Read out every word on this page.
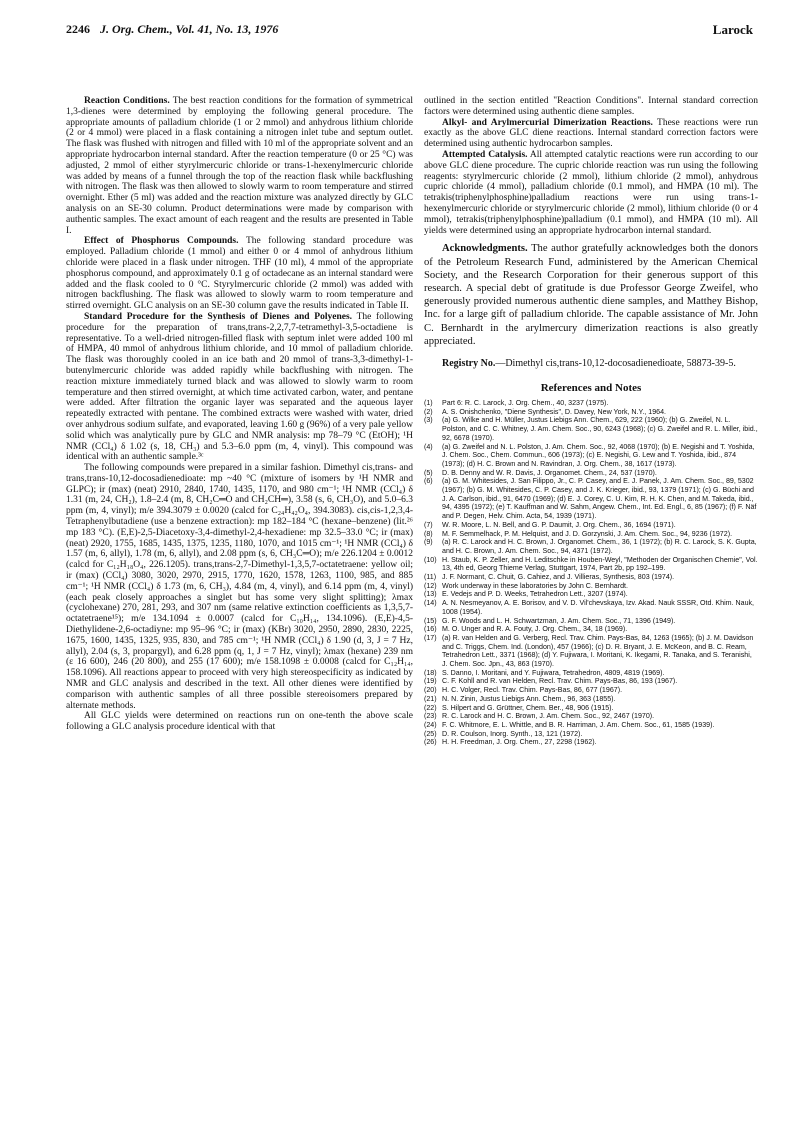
2246 J. Org. Chem., Vol. 41, No. 13, 1976	Larock

Reaction Conditions. The best reaction conditions for the formation of symmetrical 1,3-dienes were determined by employing the following general procedure. The appropriate amounts of palladium chloride (1 or 2 mmol) and anhydrous lithium chloride (2 or 4 mmol) were placed in a flask containing a nitrogen inlet tube and septum outlet. The flask was flushed with nitrogen and filled with 10 ml of the appropriate solvent and an appropriate hydrocarbon internal standard. After the reaction temperature (0 or 25 °C) was adjusted, 2 mmol of either styrylmercuric chloride or trans-1-hexenylmercuric chloride was added by means of a funnel through the top of the reaction flask while backflushing with nitrogen. The flask was then allowed to slowly warm to room temperature and stirred overnight. Ether (5 ml) was added and the reaction mixture was analyzed directly by GLC analysis on an SE-30 column. Product determinations were made by comparison with authentic samples. The exact amount of each reagent and the results are presented in Table I.

Effect of Phosphorus Compounds. The following standard procedure was employed. Palladium chloride (1 mmol) and either 0 or 4 mmol of anhydrous lithium chloride were placed in a flask under nitrogen. THF (10 ml), 4 mmol of the appropriate phosphorus compound, and approximately 0.1 g of octadecane as an internal standard were added and the flask cooled to 0 °C. Styrylmercuric chloride (2 mmol) was added with nitrogen backflushing. The flask was allowed to slowly warm to room temperature and stirred overnight. GLC analysis on an SE-30 column gave the results indicated in Table II.

Standard Procedure for the Synthesis of Dienes and Polyenes. The following procedure for the preparation of trans,trans-2,2,7,7-tetramethyl-3,5-octadiene is representative. To a well-dried nitrogen-filled flask with septum inlet were added 100 ml of HMPA, 40 mmol of anhydrous lithium chloride, and 10 mmol of palladium chloride. The flask was thoroughly cooled in an ice bath and 20 mmol of trans-3,3-dimethyl-1-butenylmercuric chloride was added rapidly while backflushing with nitrogen. The reaction mixture immediately turned black and was allowed to slowly warm to room temperature and then stirred overnight, at which time activated carbon, water, and pentane were added. After filtration the organic layer was separated and the aqueous layer repeatedly extracted with pentane. The combined extracts were washed with water, dried over anhydrous sodium sulfate, and evaporated, leaving 1.60 g (96%) of a very pale yellow solid which was analytically pure by GLC and NMR analysis: mp 78–79 °C (EtOH); ¹H NMR (CCl₄) δ 1.02 (s, 18, CH₃) and 5.3–6.0 ppm (m, 4, vinyl). This compound was identical with an authentic sample.³ᶜ

The following compounds were prepared in a similar fashion. Dimethyl cis,trans- and trans,trans-10,12-docosadienedioate: mp ~40 °C (mixture of isomers by ¹H NMR and GLPC); ir (max) (neat) 2910, 2840, 1740, 1435, 1170, and 980 cm⁻¹; ¹H NMR (CCl₄) δ 1.31 (m, 24, CH₂), 1.8–2.4 (m, 8, CH₂C═O and CH₂CH═), 3.58 (s, 6, CH₃O), and 5.0–6.3 ppm (m, 4, vinyl); m/e 394.3079 ± 0.0020 (calcd for C₂₄H₄₂O₄, 394.3083). cis,cis-1,2,3,4-Tetraphenylbutadiene (use a benzene extraction): mp 182–184 °C (hexane–benzene) (lit.²⁶ mp 183 °C). (E,E)-2,5-Diacetoxy-3,4-dimethyl-2,4-hexadiene: mp 32.5–33.0 °C; ir (max) (neat) 2920, 1755, 1685, 1435, 1375, 1235, 1180, 1070, and 1015 cm⁻¹; ¹H NMR (CCl₄) δ 1.57 (m, 6, allyl), 1.78 (m, 6, allyl), and 2.08 ppm (s, 6, CH₃C═O); m/e 226.1204 ± 0.0012 (calcd for C₁₂H₁₈O₄, 226.1205). trans,trans-2,7-Dimethyl-1,3,5,7-octatetraene: yellow oil; ir (max) (CCl₄) 3080, 3020, 2970, 2915, 1770, 1620, 1578, 1263, 1100, 985, and 885 cm⁻¹; ¹H NMR (CCl₄) δ 1.73 (m, 6, CH₃), 4.84 (m, 4, vinyl), and 6.14 ppm (m, 4, vinyl) (each peak closely approaches a singlet but has some very slight splitting); λmax (cyclohexane) 270, 281, 293, and 307 nm (same relative extinction coefficients as 1,3,5,7-octatetraene¹⁵); m/e 134.1094 ± 0.0007 (calcd for C₁₀H₁₄, 134.1096). (E,E)-4,5-Diethylidene-2,6-octadiyne: mp 95–96 °C; ir (max) (KBr) 3020, 2950, 2890, 2830, 2225, 1675, 1600, 1435, 1325, 935, 830, and 785 cm⁻¹; ¹H NMR (CCl₄) δ 1.90 (d, 3, J = 7 Hz, allyl), 2.04 (s, 3, propargyl), and 6.28 ppm (q, 1, J = 7 Hz, vinyl); λmax (hexane) 239 nm (ε 16 600), 246 (20 800), and 255 (17 600); m/e 158.1098 ± 0.0008 (calcd for C₁₂H₁₄, 158.1096). All reactions appear to proceed with very high stereospecificity as indicated by NMR and GLC analysis and described in the text. All other dienes were identified by comparison with authentic samples of all three possible stereoisomers prepared by alternate methods.

All GLC yields were determined on reactions run on one-tenth the above scale following a GLC analysis procedure identical with that

outlined in the section entitled "Reaction Conditions". Internal standard correction factors were determined using authentic diene samples.

Alkyl- and Arylmercurial Dimerization Reactions. These reactions were run exactly as the above GLC diene reactions. Internal standard correction factors were determined using authentic hydrocarbon samples.

Attempted Catalysis. All attempted catalytic reactions were run according to our above GLC diene procedure. The cupric chloride reaction was run using the following reagents: styrylmercuric chloride (2 mmol), lithium chloride (2 mmol), anhydrous cupric chloride (4 mmol), palladium chloride (0.1 mmol), and HMPA (10 ml). The tetrakis(triphenylphosphine)palladium reactions were run using trans-1-hexenylmercuric chloride or styrylmercuric chloride (2 mmol), lithium chloride (0 or 4 mmol), tetrakis(triphenylphosphine)palladium (0.1 mmol), and HMPA (10 ml). All yields were determined using an appropriate hydrocarbon internal standard.

Acknowledgments. The author gratefully acknowledges both the donors of the Petroleum Research Fund, administered by the American Chemical Society, and the Research Corporation for their generous support of this research. A special debt of gratitude is due Professor George Zweifel, who generously provided numerous authentic diene samples, and Matthey Bishop, Inc. for a large gift of palladium chloride. The capable assistance of Mr. John C. Bernhardt in the arylmercury dimerization reactions is also greatly appreciated.

Registry No.—Dimethyl cis,trans-10,12-docosadienedioate, 58873-39-5.

References and Notes
(1) Part 6: R. C. Larock, J. Org. Chem., 40, 3237 (1975).
(2) A. S. Onishchenko, "Diene Synthesis", D. Davey, New York, N.Y., 1964.
(3) (a) G. Wilke and H. Müller, Justus Liebigs Ann. Chem., 629, 222 (1960); (b) G. Zweifel, N. L. Polston, and C. C. Whitney, J. Am. Chem. Soc., 90, 6243 (1968); (c) G. Zweifel and R. L. Miller, ibid., 92, 6678 (1970).
(4) (a) G. Zweifel and N. L. Polston, J. Am. Chem. Soc., 92, 4068 (1970); (b) E. Negishi and T. Yoshida, J. Chem. Soc., Chem. Commun., 606 (1973); (c) E. Negishi, G. Lew and T. Yoshida, ibid., 874 (1973); (d) H. C. Brown and N. Ravindran, J. Org. Chem., 38, 1617 (1973).
(5) D. B. Denny and W. R. Davis, J. Organomet. Chem., 24, 537 (1970).
(6) (a) G. M. Whitesides, J. San Filippo, Jr., C. P. Casey, and E. J. Panek, J. Am. Chem. Soc., 89, 5302 (1967); (b) G. M. Whitesides, C. P. Casey, and J. K. Krieger, ibid., 93, 1379 (1971); (c) G. Büchi and J. A. Carlson, ibid., 91, 6470 (1969); (d) E. J. Corey, C. U. Kim, R. H. K. Chen, and M. Takeda, ibid., 94, 4395 (1972); (e) T. Kauffman and W. Sahm, Angew. Chem., Int. Ed. Engl., 6, 85 (1967); (f) F. Näf and P. Degen, Helv. Chim. Acta, 54, 1939 (1971).
(7) W. R. Moore, L. N. Bell, and G. P. Daumit, J. Org. Chem., 36, 1694 (1971).
(8) M. F. Semmelhack, P. M. Helquist, and J. D. Gorzynski, J. Am. Chem. Soc., 94, 9236 (1972).
(9) (a) R. C. Larock and H. C. Brown, J. Organomet. Chem., 36, 1 (1972); (b) R. C. Larock, S. K. Gupta, and H. C. Brown, J. Am. Chem. Soc., 94, 4371 (1972).
(10) H. Staub, K. P. Zeller, and H. Leditschke in Houben-Weyl, "Methoden der Organischen Chemie", Vol. 13, 4th ed, Georg Thieme Verlag, Stuttgart, 1974, Part 2b, pp 192–199.
(11) J. F. Normant, C. Chuit, G. Cahiez, and J. Villieras, Synthesis, 803 (1974).
(12) Work underway in these laboratories by John C. Bernhardt.
(13) E. Vedejs and P. D. Weeks, Tetrahedron Lett., 3207 (1974).
(14) A. N. Nesmeyanov, A. E. Borisov, and V. D. Vil'chevskaya, Izv. Akad. Nauk SSSR, Otd. Khim. Nauk, 1008 (1954).
(15) G. F. Woods and L. H. Schwartzman, J. Am. Chem. Soc., 71, 1396 (1949).
(16) M. O. Unger and R. A. Fouty, J. Org. Chem., 34, 18 (1969).
(17) (a) R. van Helden and G. Verberg, Recl. Trav. Chim. Pays-Bas, 84, 1263 (1965); (b) J. M. Davidson and C. Triggs, Chem. Ind. (London), 457 (1966); (c) D. R. Bryant, J. E. McKeon, and B. C. Ream, Tetrahedron Lett., 3371 (1968); (d) Y. Fujiwara, I. Moritani, K. Ikegami, R. Tanaka, and S. Teranishi, J. Chem. Soc. Jpn., 43, 863 (1970).
(18) S. Danno, I. Moritani, and Y. Fujiwara, Tetrahedron, 4809, 4819 (1969).
(19) C. F. Kohll and R. van Helden, Recl. Trav. Chim. Pays-Bas, 86, 193 (1967).
(20) H. C. Volger, Recl. Trav. Chim. Pays-Bas, 86, 677 (1967).
(21) N. N. Zinin, Justus Liebigs Ann. Chem., 96, 363 (1855).
(22) S. Hilpert and G. Grüttner, Chem. Ber., 48, 906 (1915).
(23) R. C. Larock and H. C. Brown, J. Am. Chem. Soc., 92, 2467 (1970).
(24) F. C. Whitmore, E. L. Whittle, and B. R. Harriman, J. Am. Chem. Soc., 61, 1585 (1939).
(25) D. R. Coulson, Inorg. Synth., 13, 121 (1972).
(26) H. H. Freedman, J. Org. Chem., 27, 2298 (1962).
